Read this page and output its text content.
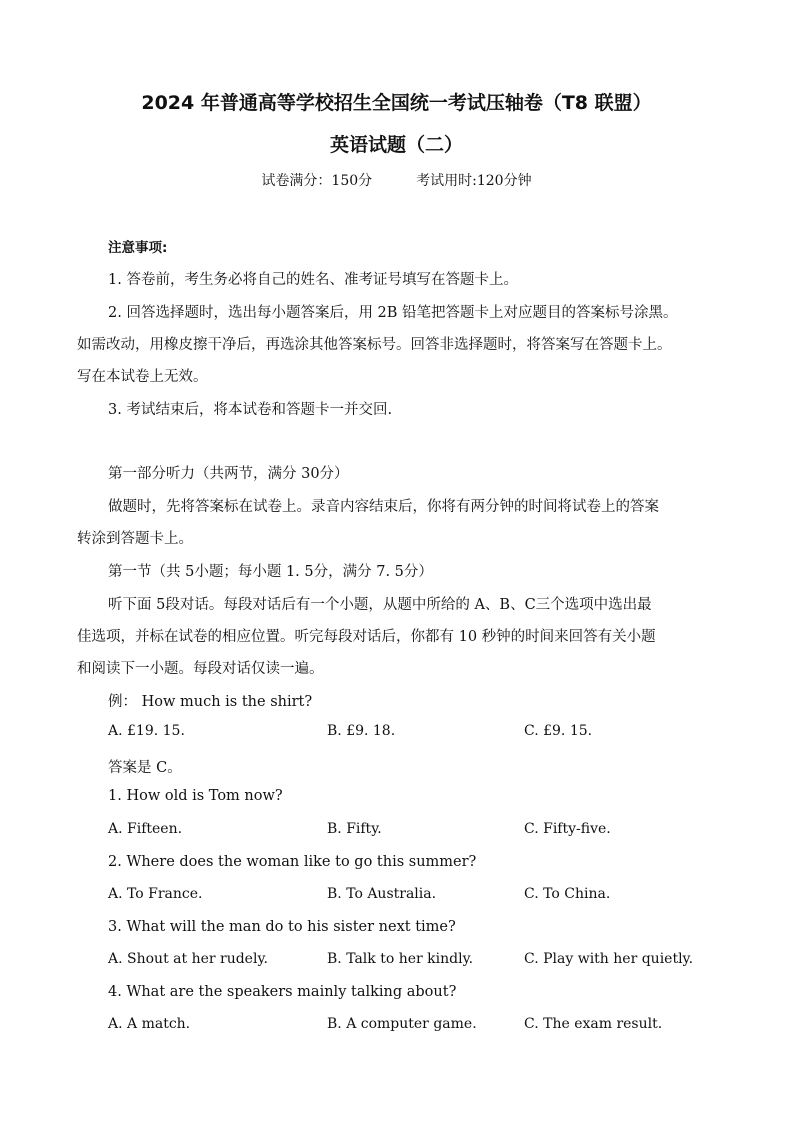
2024 年普通高等学校招生全国统一考试压轴卷（T8 联盟）
英语试题（二）
试卷满分：150分	考试用时:120分钟
注意事项:
1. 答卷前，考生务必将自己的姓名、准考证号填写在答题卡上。
2. 回答选择题时，选出每小题答案后，用 2B 铅笔把答题卡上对应题目的答案标号涂黑。
如需改动，用橡皮擦干净后，再选涂其他答案标号。回答非选择题时，将答案写在答题卡上。
写在本试卷上无效。
3. 考试结束后，将本试卷和答题卡一并交回.
第一部分听力（共两节，满分 30分）
做题时，先将答案标在试卷上。录音内容结束后，你将有两分钟的时间将试卷上的答案
转涂到答题卡上。
第一节（共 5小题；每小题 1. 5分，满分 7. 5分）
听下面 5段对话。每段对话后有一个小题，从题中所给的 A、B、C三个选项中选出最
佳选项，并标在试卷的相应位置。听完每段对话后，你都有 10 秒钟的时间来回答有关小题
和阅读下一小题。每段对话仅读一遍。
例： How much is the shirt?
A. £19. 15.	B. £9. 18.	C. £9. 15.
答案是 C。
1. How old is Tom now?
A. Fifteen.	B. Fifty.	C. Fifty-five.
2. Where does the woman like to go this summer?
A. To France.	B. To Australia.	C. To China.
3. What will the man do to his sister next time?
A. Shout at her rudely.	B. Talk to her kindly.	C. Play with her quietly.
4. What are the speakers mainly talking about?
A. A match.	B. A computer game.	C. The exam result.
